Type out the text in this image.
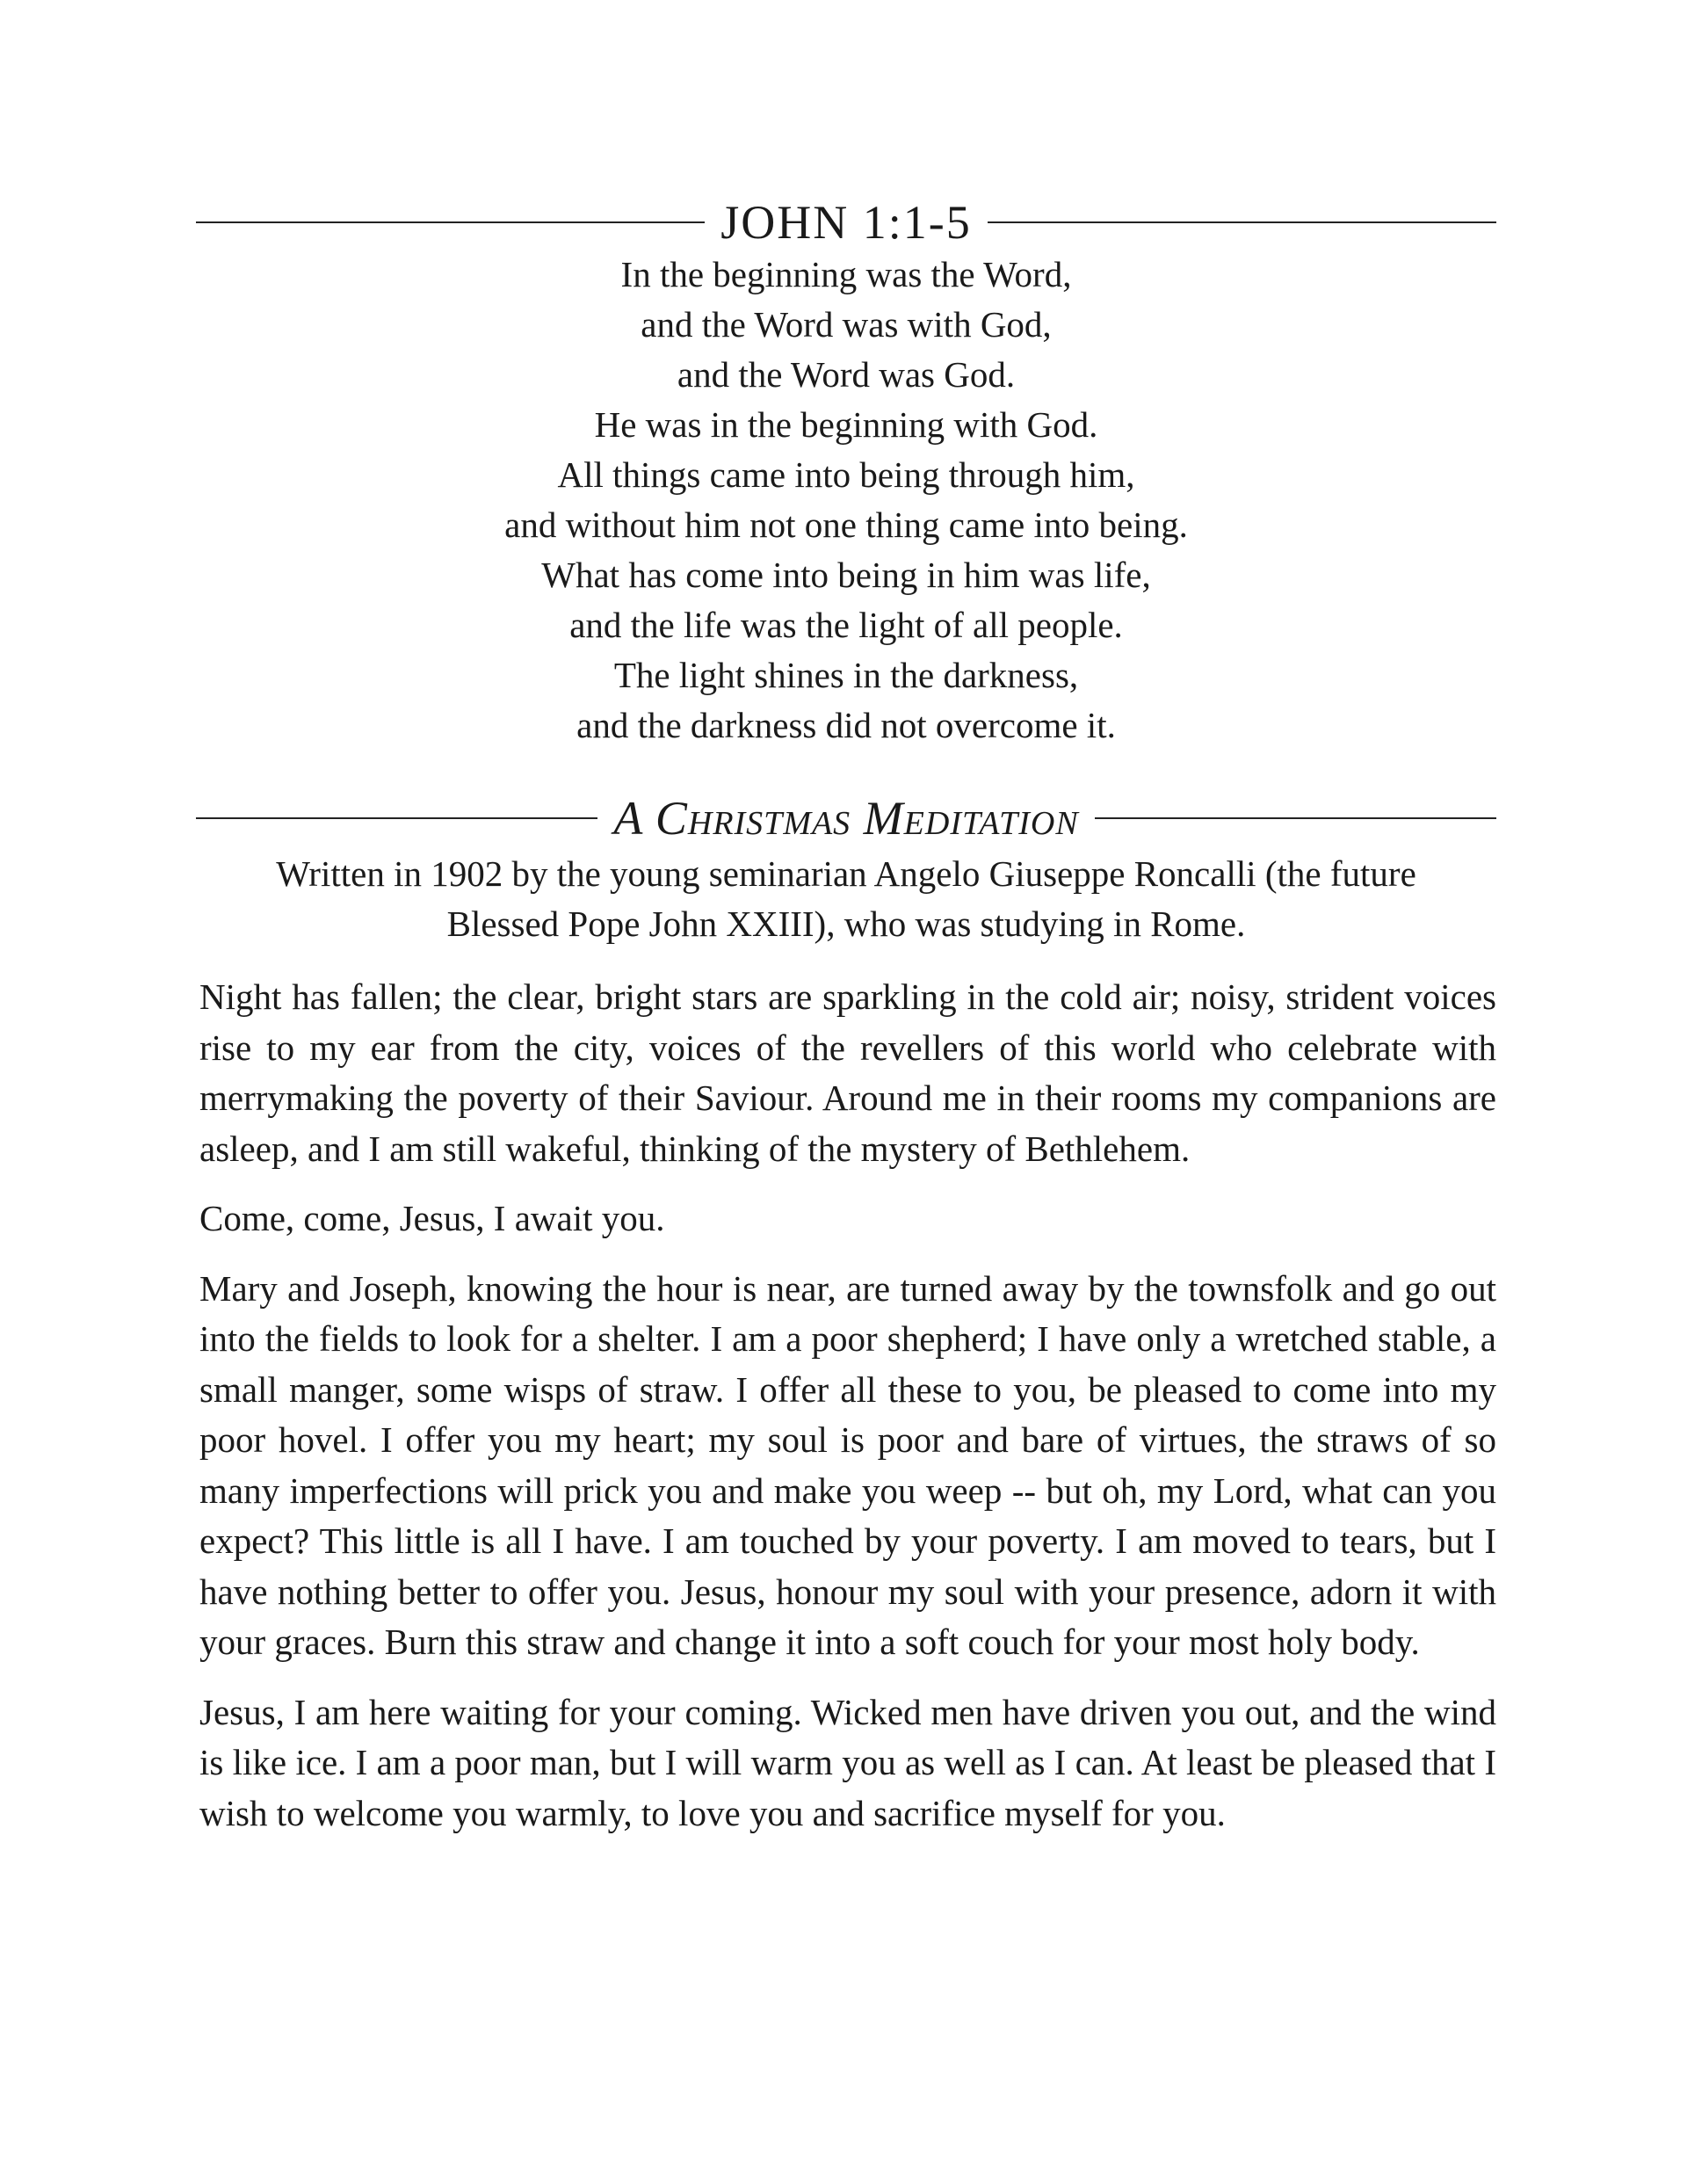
JOHN 1:1-5
In the beginning was the Word,
and the Word was with God,
and the Word was God.
He was in the beginning with God.
All things came into being through him,
and without him not one thing came into being.
What has come into being in him was life,
and the life was the light of all people.
The light shines in the darkness,
and the darkness did not overcome it.
A Christmas Meditation
Written in 1902 by the young seminarian Angelo Giuseppe Roncalli (the future
Blessed Pope John XXIII), who was studying in Rome.

Night has fallen; the clear, bright stars are sparkling in the cold air; noisy, strident voices rise to my ear from the city, voices of the revellers of this world who celebrate with merrymaking the poverty of their Saviour. Around me in their rooms my companions are asleep, and I am still wakeful, thinking of the mystery of Bethlehem.

Come, come, Jesus, I await you.

Mary and Joseph, knowing the hour is near, are turned away by the townsfolk and go out into the fields to look for a shelter. I am a poor shepherd; I have only a wretched stable, a small manger, some wisps of straw. I offer all these to you, be pleased to come into my poor hovel. I offer you my heart; my soul is poor and bare of virtues, the straws of so many imperfections will prick you and make you weep -- but oh, my Lord, what can you expect? This little is all I have. I am touched by your poverty. I am moved to tears, but I have nothing better to offer you. Jesus, honour my soul with your presence, adorn it with your graces. Burn this straw and change it into a soft couch for your most holy body.

Jesus, I am here waiting for your coming. Wicked men have driven you out, and the wind is like ice. I am a poor man, but I will warm you as well as I can. At least be pleased that I wish to welcome you warmly, to love you and sacrifice myself for you.
